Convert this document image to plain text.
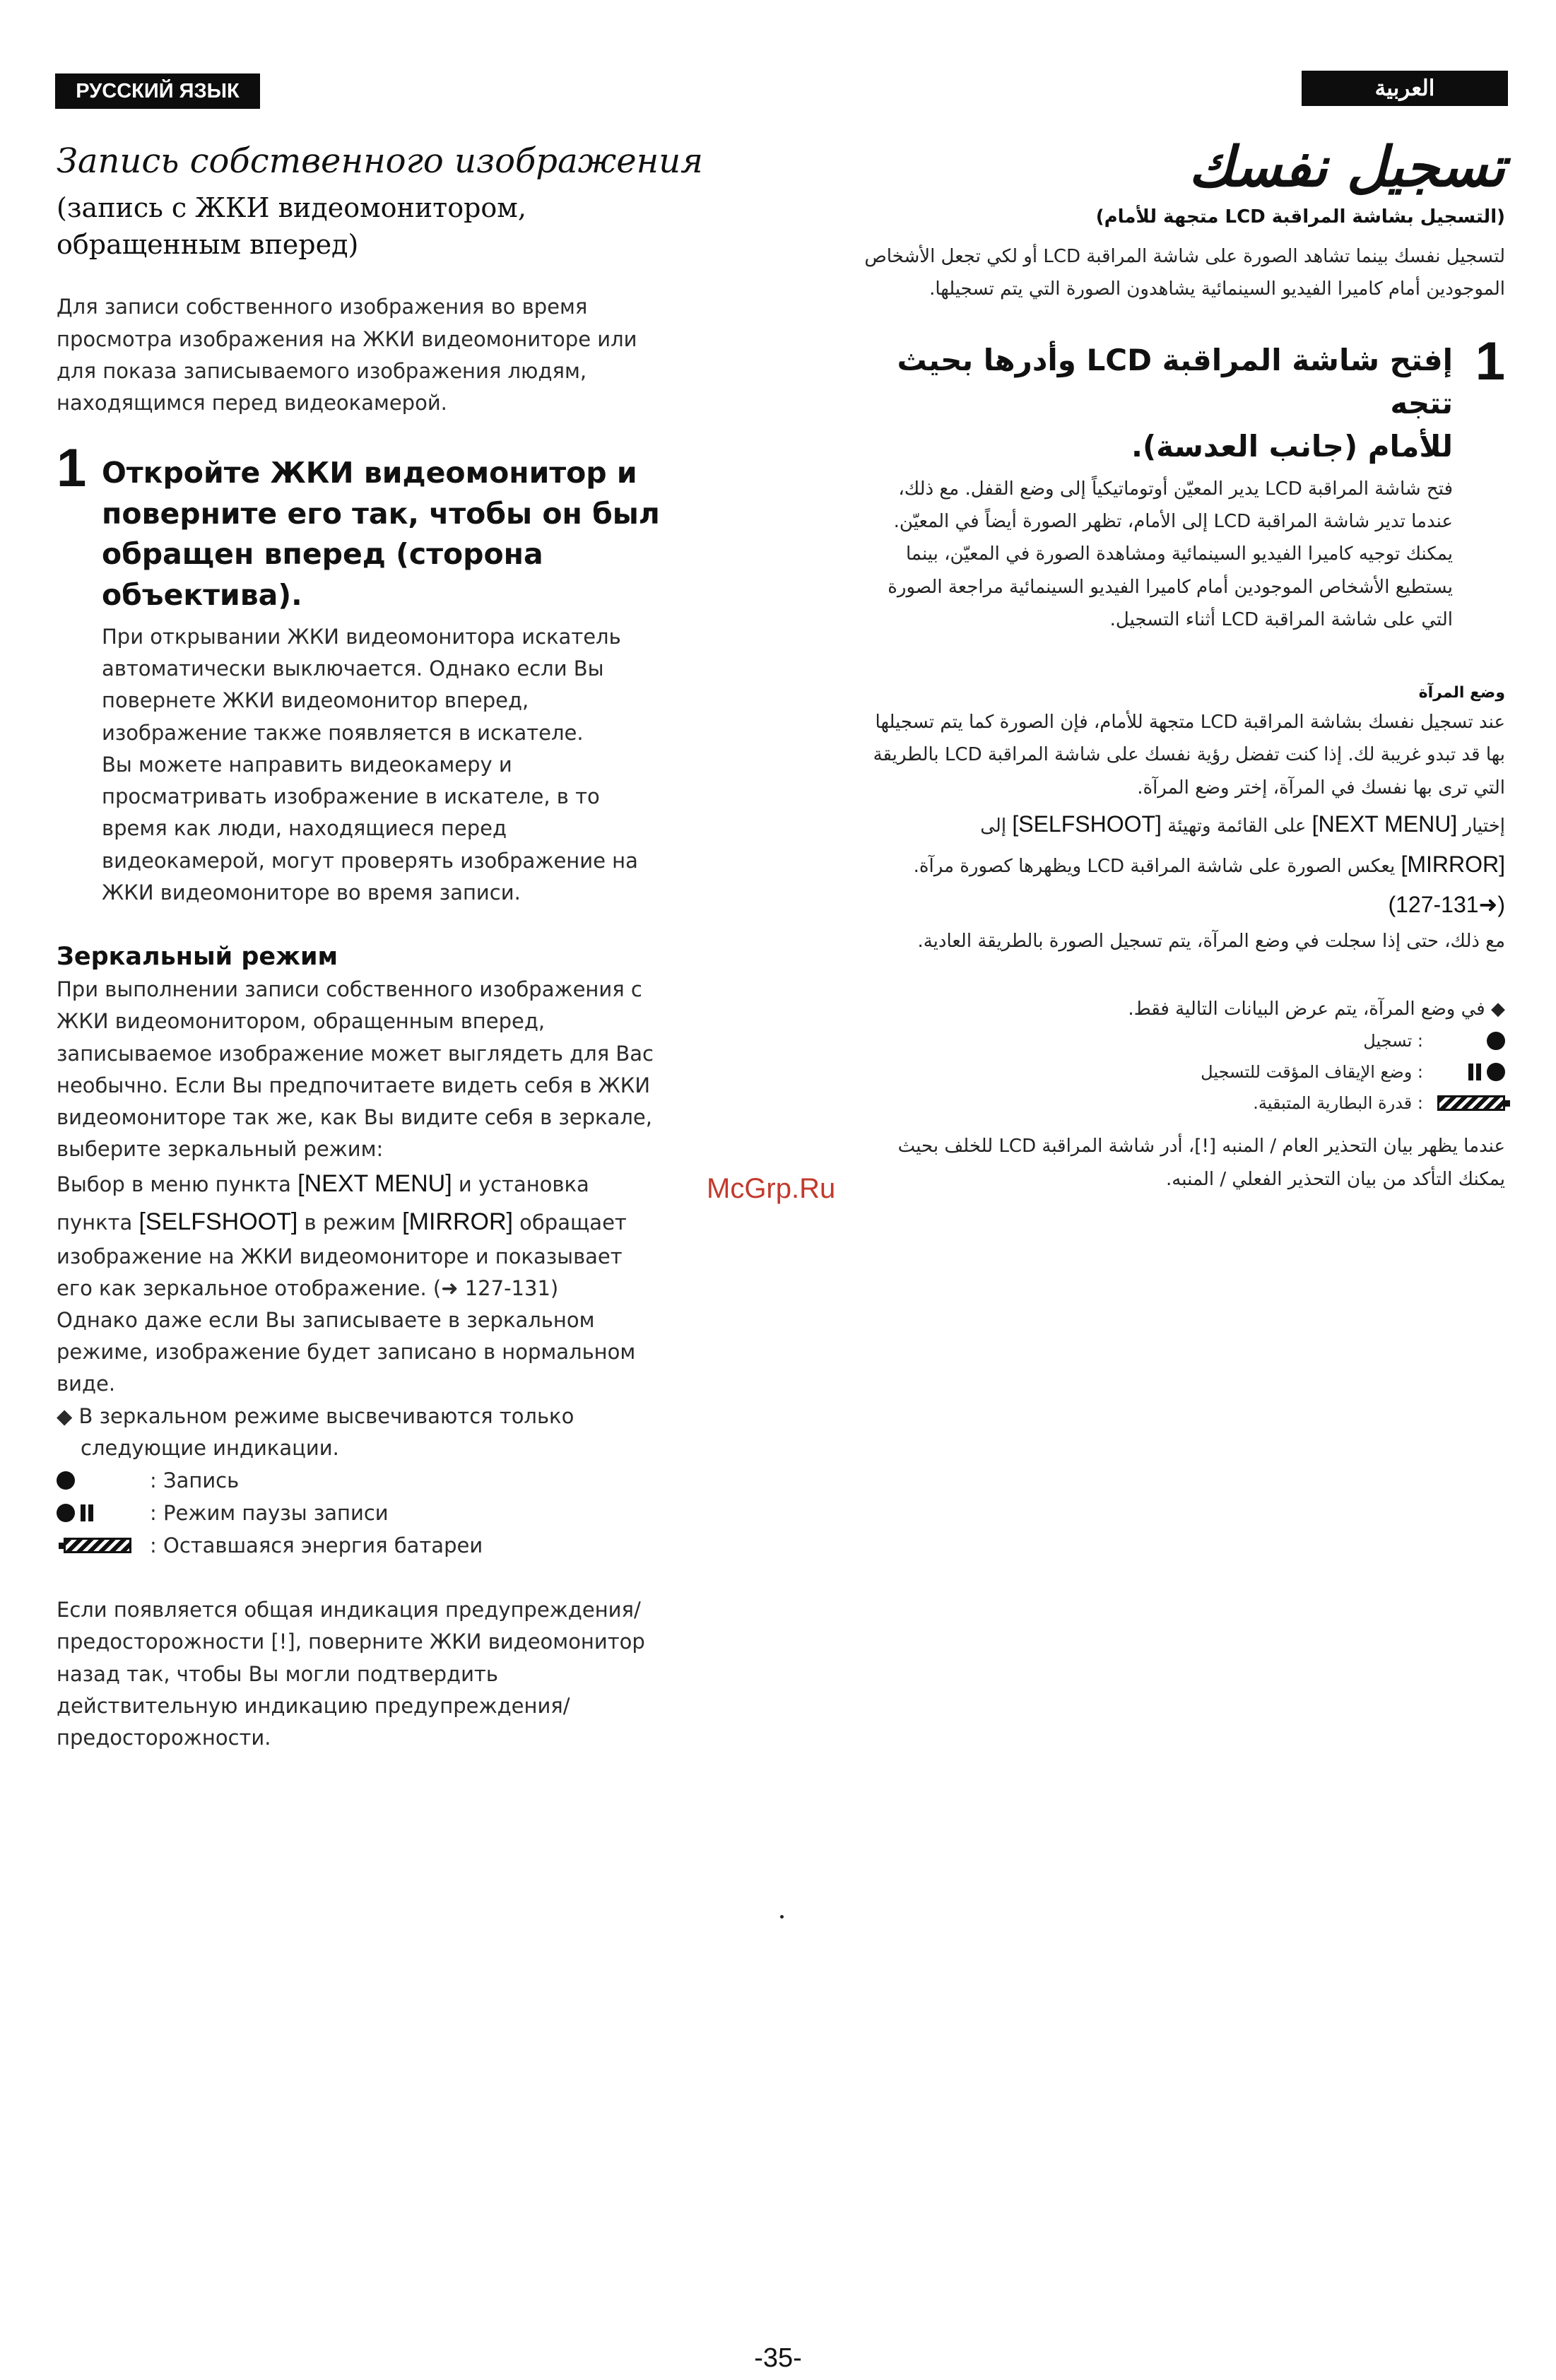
РУССКИЙ ЯЗЫК	العربية
Запись собственного изображения
(запись с ЖКИ видеомонитором,
обращенным вперед)

Для записи собственного изображения во время

просмотра изображения на ЖКИ видеомониторе или

для показа записываемого изображения людям,

находящимся перед видеокамерой.

1 Откройте ЖКИ видеомонитор и
поверните его так, чтобы он был
обращен вперед (сторона объектива).

При открывании ЖКИ видеомонитора искатель

автоматически выключается. Однако если Вы

повернете ЖКИ видеомонитор вперед,

изображение также появляется в искателе.

Вы можете направить видеокамеру и

просматривать изображение в искателе, в то

время как люди, находящиеся перед

видеокамерой, могут проверять изображение на

ЖКИ видеомониторе во время записи.

Зеркальный режим

При выполнении записи собственного изображения с

ЖКИ видеомонитором, обращенным вперед,

записываемое изображение может выглядеть для Вас

необычно. Если Вы предпочитаете видеть себя в ЖКИ

видеомониторе так же, как Вы видите себя в зеркале,

выберите зеркальный режим:

Выбор в меню пункта [NEXT MENU] и установка

пункта [SELFSHOOT] в режим [MIRROR] обращает

изображение на ЖКИ видеомониторе и показывает

его как зеркальное отображение. (➜ 127-131)

Однако даже если Вы записываете в зеркальном

режиме, изображение будет записано в нормальном

виде.

◆ В зеркальном режиме высвечиваются только

следующие индикации.

: Запись
: Режим паузы записи
: Оставшаяся энергия батареи

Если появляется общая индикация предупреждения/

предосторожности [!], поверните ЖКИ видеомонитор

назад так, чтобы Вы могли подтвердить

действительную индикацию предупреждения/

предосторожности.

تسجيل نفسك
(التسجيل بشاشة المراقبة LCD متجهة للأمام)

لتسجيل نفسك بينما تشاهد الصورة على شاشة المراقبة LCD أو لكي تجعل الأشخاص

الموجودين أمام كاميرا الفيديو السينمائية يشاهدون الصورة التي يتم تسجيلها.

1
إفتح شاشة المراقبة LCD وأدرها بحيث تتجه
للأمام (جانب العدسة).

فتح شاشة المراقبة LCD يدير المعيّن أوتوماتيكياً إلى وضع القفل. مع ذلك،

عندما تدير شاشة المراقبة LCD إلى الأمام، تظهر الصورة أيضاً في المعيّن.

يمكنك توجيه كاميرا الفيديو السينمائية ومشاهدة الصورة في المعيّن، بينما

يستطيع الأشخاص الموجودين أمام كاميرا الفيديو السينمائية مراجعة الصورة

التي على شاشة المراقبة LCD أثناء التسجيل.

وضع المرآة

عند تسجيل نفسك بشاشة المراقبة LCD متجهة للأمام، فإن الصورة كما يتم تسجيلها

بها قد تبدو غريبة لك. إذا كنت تفضل رؤية نفسك على شاشة المراقبة LCD بالطريقة

التي ترى بها نفسك في المرآة، إختر وضع المرآة.

إختيار [NEXT MENU] على القائمة وتهيئة [SELFSHOOT] إلى

[MIRROR] يعكس الصورة على شاشة المراقبة LCD ويظهرها كصورة مرآة.

(➜127-131)

مع ذلك، حتى إذا سجلت في وضع المرآة، يتم تسجيل الصورة بالطريقة العادية.

◆ في وضع المرآة، يتم عرض البيانات التالية فقط.
: تسجيل
: وضع الإيقاف المؤقت للتسجيل
: قدرة البطارية المتبقية.

عندما يظهر بيان التحذير العام / المنبه [!]، أدر شاشة المراقبة LCD للخلف بحيث

يمكنك التأكد من بيان التحذير الفعلي / المنبه.

McGrp.Ru
-35-
